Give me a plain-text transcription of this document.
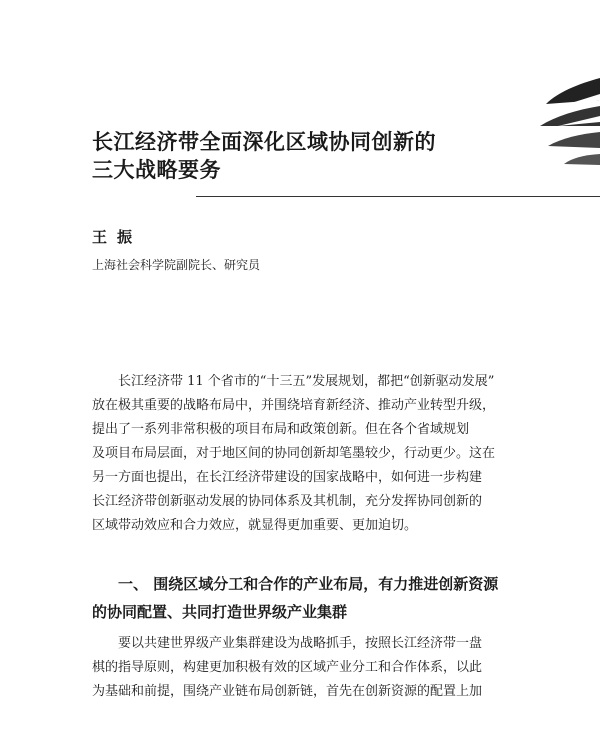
长江经济带全面深化区域协同创新的
三大战略要务
王振
上海社会科学院副院长、研究员
长江经济带 11 个省市的“十三五”发展规划，都把“创新驱动发展”
放在极其重要的战略布局中，并围绕培育新经济、推动产业转型升级，
提出了一系列非常积极的项目布局和政策创新。但在各个省域规划
及项目布局层面，对于地区间的协同创新却笔墨较少，行动更少。这在
另一方面也提出，在长江经济带建设的国家战略中，如何进一步构建
长江经济带创新驱动发展的协同体系及其机制，充分发挥协同创新的
区域带动效应和合力效应，就显得更加重要、更加迫切。
一、 围绕区域分工和合作的产业布局，有力推进创新资源
的协同配置、共同打造世界级产业集群
要以共建世界级产业集群建设为战略抓手，按照长江经济带一盘
棋的指导原则，构建更加积极有效的区域产业分工和合作体系，以此
为基础和前提，围绕产业链布局创新链，首先在创新资源的配置上加
